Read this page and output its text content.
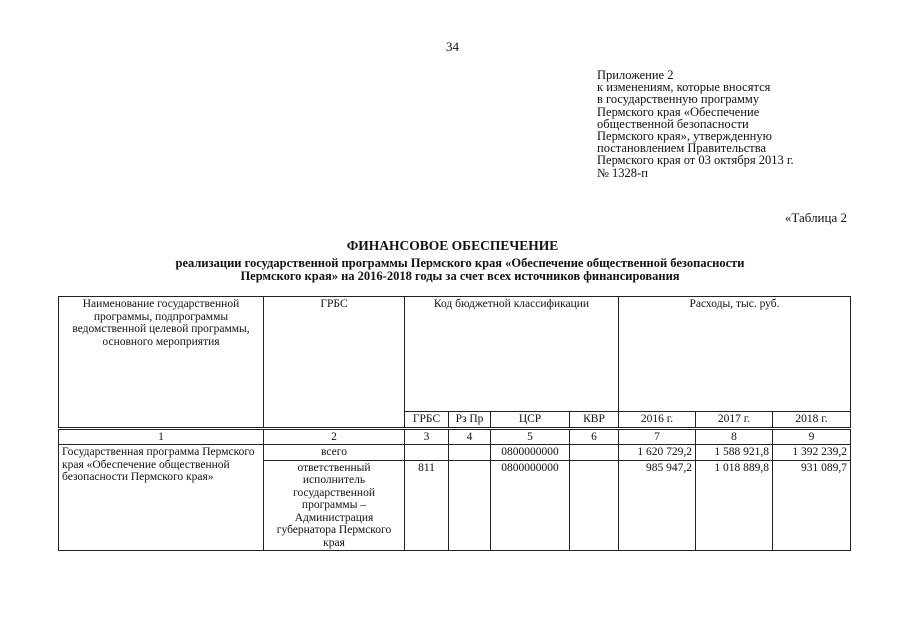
34
Приложение 2
к изменениям, которые вносятся
в государственную программу
Пермского края «Обеспечение
общественной безопасности
Пермского края», утвержденную
постановлением Правительства
Пермского края от 03 октября 2013 г.
№ 1328-п
«Таблица 2
ФИНАНСОВОЕ ОБЕСПЕЧЕНИЕ
реализации государственной программы Пермского края «Обеспечение общественной безопасности
Пермского края» на 2016-2018 годы за счет всех источников финансирования
Наименование государственной программы, подпрограммы ведомственной целевой программы, основного мероприятия	ГРБС	Код бюджетной классификации				Расходы, тыс. руб.		
		ГРБС	Рз Пр	ЦСР	КВР	2016 г.	2017 г.	2018 г.
1	2	3	4	5	6	7	8	9
Государственная программа Пермского края «Обеспечение общественной безопасности Пермского края»	всего			0800000000		1 620 729,2	1 588 921,8	1 392 239,2
	ответственный исполнитель государственной программы – Администрация губернатора Пермского края	811		0800000000		985 947,2	1 018 889,8	931 089,7
